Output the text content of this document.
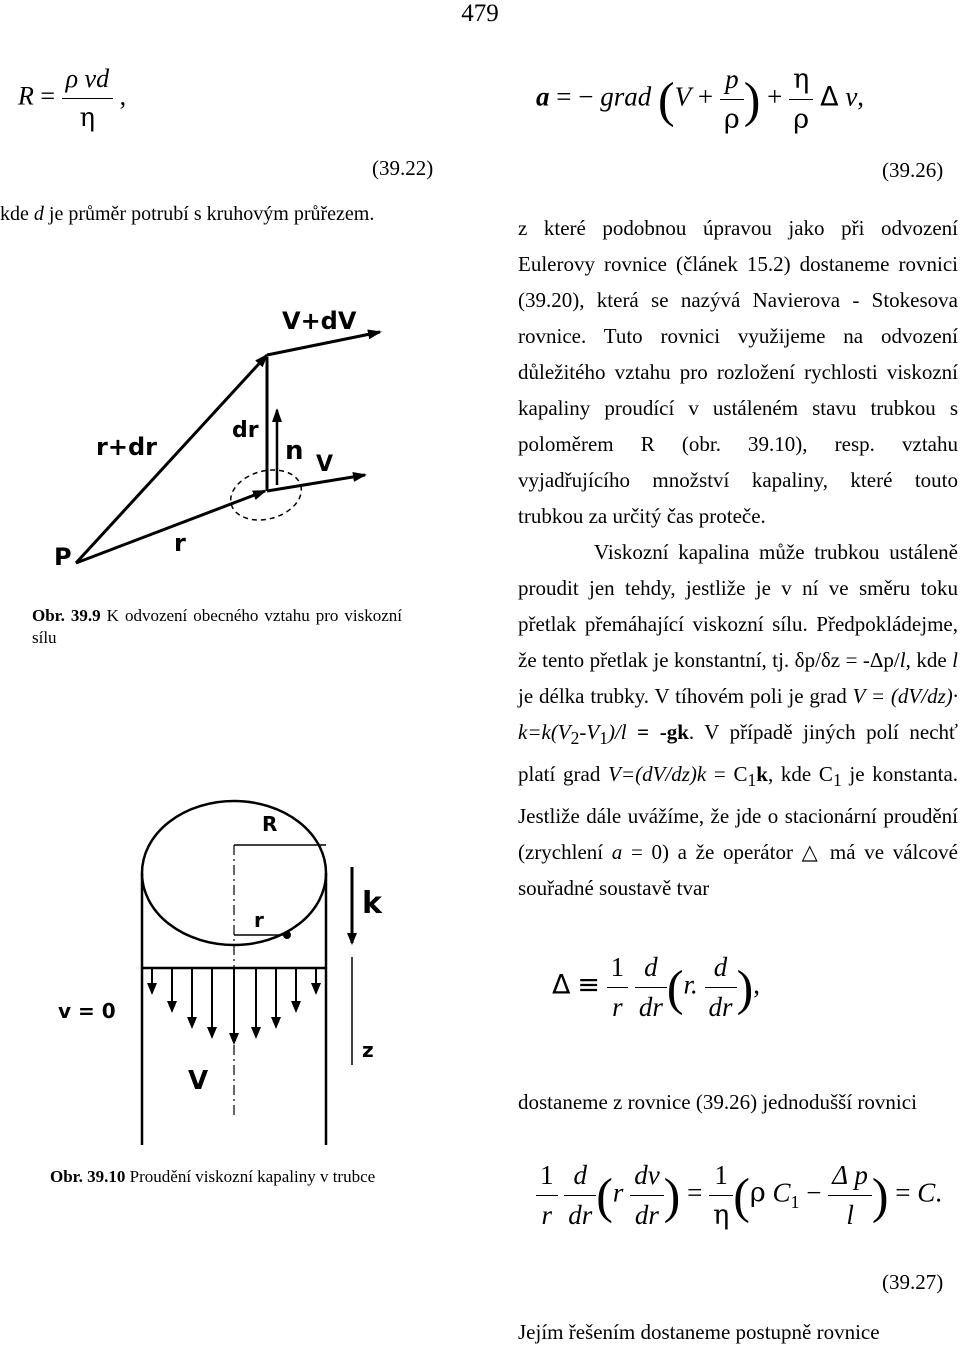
479
$R = \frac{\text{ρ vd}}{\eta}$ ,
(39.22)
kde d je průměr potrubí s kruhovým průřezem.
V+dV
r+dr
dr
n V
r
P
Obr. 39.9 K odvození obecného vztahu pro viskozní sílu
R
r
v = 0
V
k
z
Obr. 39.10 Proudění viskozní kapaliny v trubce
a = − grad ($V + \frac{p}{\rho}$ ) + $\frac{\eta}{\rho}$ Δ v,
(39.26)

z které podobnou úpravou jako při odvození Eulerovy rovnice (článek 15.2) dostaneme rovnici (39.20), která se nazývá Navierova - Stokesova rovnice. Tuto rovnici využijeme na odvození důležitého vztahu pro rozložení rychlosti viskozní kapaliny proudící v ustáleném stavu trubkou s poloměrem R (obr. 39.10), resp. vztahu vyjadřujícího množství kapaliny, které touto trubkou za určitý čas proteče.

Viskozní kapalina může trubkou ustáleně proudit jen tehdy, jestliže je v ní ve směru toku přetlak přemáhající viskozní sílu. Předpokládejme, že tento přetlak je konstantní, tj. δp/δz = -Δp/l, kde l je délka trubky. V tíhovém poli je grad $V = (dV/dz)\cdot k=k(V_2-V_1)/l = -gk$. V případě jiných polí nechť platí grad $V=(dV/dz)k = C_1k$, kde $C_1$ je konstanta. Jestliže dále uvážíme, že jde o stacionární proudění (zrychlení a = 0) a že operátor △ má ve válcové souřadné soustavě tvar

$\Delta \equiv \frac{1}{r}$
$\frac{d}{dr} (r$. $\frac{d}{dr}$ ),
dostaneme z rovnice (39.26) jednodušší rovnici
$\frac{1}{r}$
$\frac{d}{dr} (r \frac{dv}{dr}$ ) = $\frac{1}{\eta} (\rho$ $C_1 - \frac{\text{Δ p}}{l}$ ) = C.
(39.27)
Jejím řešením dostaneme postupně rovnice
